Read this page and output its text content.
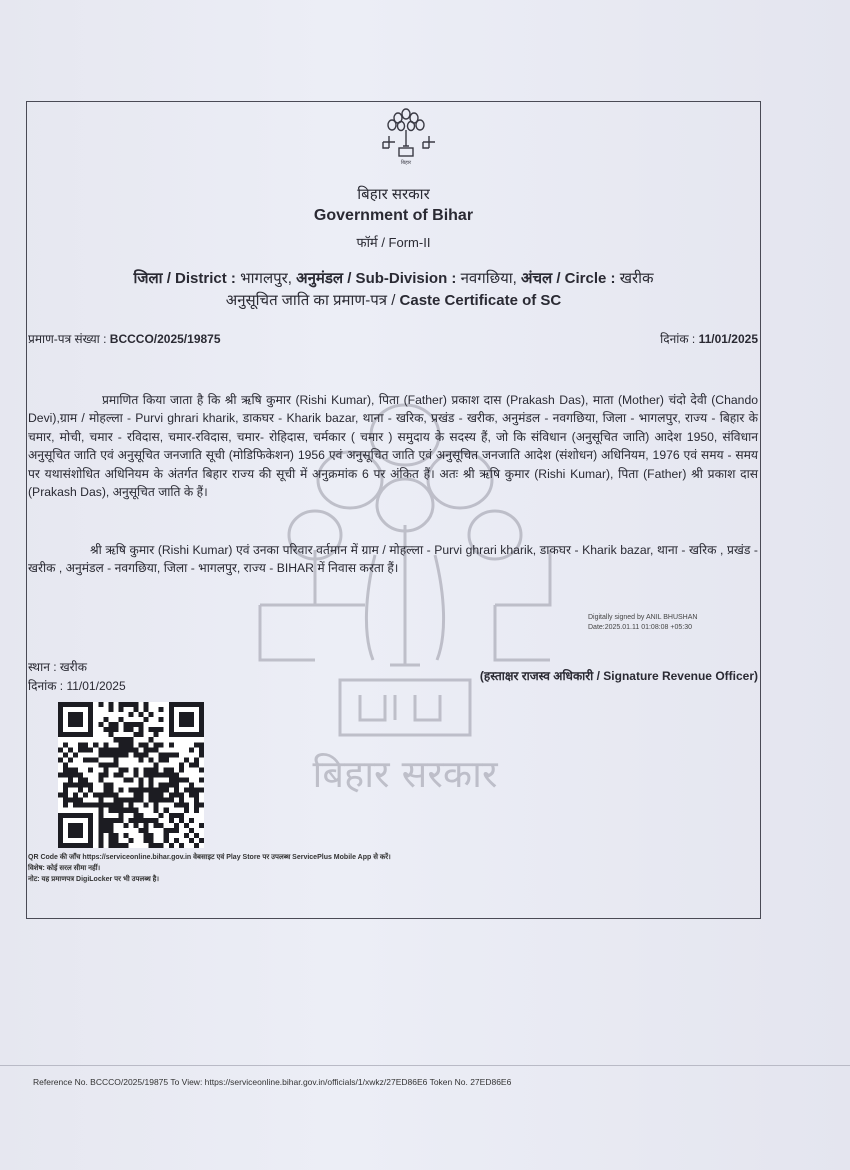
बिहार
बिहार सरकार
Government of Bihar
फॉर्म / Form-II
जिला / District : भागलपुर, अनुमंडल / Sub-Division : नवगछिया, अंचल / Circle : खरीक
अनुसूचित जाति का प्रमाण-पत्र / Caste Certificate of SC
प्रमाण-पत्र संख्या : BCCCO/2025/19875	दिनांक : 11/01/2025
बिहार सरकार
प्रमाणित किया जाता है कि श्री ऋषि कुमार (Rishi Kumar), पिता (Father) प्रकाश दास (Prakash Das), माता (Mother) चंदो देवी (Chando Devi),ग्राम / मोहल्ला - Purvi ghrari kharik, डाकघर - Kharik bazar, थाना - खरिक, प्रखंड - खरीक, अनुमंडल - नवगछिया, जिला - भागलपुर, राज्य - बिहार के चमार, मोची, चमार - रविदास, चमार-रविदास, चमार- रोहिदास, चर्मकार ( चमार ) समुदाय के सदस्य हैं, जो कि संविधान (अनुसूचित जाति) आदेश 1950, संविधान अनुसूचित जाति एवं अनुसूचित जनजाति सूची (मोडिफिकेशन) 1956 एवं अनुसूचित जाति एवं अनुसूचित जनजाति आदेश (संशोधन) अधिनियम, 1976 एवं समय - समय पर यथासंशोधित अधिनियम के अंतर्गत बिहार राज्य की सूची में अनुक्रमांक 6 पर अंकित हैं। अतः श्री ऋषि कुमार (Rishi Kumar), पिता (Father) श्री प्रकाश दास (Prakash Das), अनुसूचित जाति के हैं।
श्री ऋषि कुमार (Rishi Kumar) एवं उनका परिवार वर्तमान में ग्राम / मोहल्ला - Purvi ghrari kharik, डाकघर - Kharik bazar, थाना - खरिक , प्रखंड - खरीक , अनुमंडल - नवगछिया, जिला - भागलपुर, राज्य - BIHAR में निवास करता हैं।
Digitally signed by ANIL BHUSHAN
Date:2025.01.11 01:08:08 +05:30
स्थान : खरीक
दिनांक : 11/01/2025
(हस्ताक्षर राजस्व अधिकारी / Signature Revenue Officer)
QR Code की जाँच https://serviceonline.bihar.gov.in वेबसाइट एवं Play Store पर उपलब्ध ServicePlus Mobile App से करें।
विशेष: कोई सरल सीमा नहीं।
नोट: यह प्रमाणपत्र DigiLocker पर भी उपलब्ध है।
Reference No. BCCCO/2025/19875 To View: https://serviceonline.bihar.gov.in/officials/1/xwkz/27ED86E6 Token No. 27ED86E6
